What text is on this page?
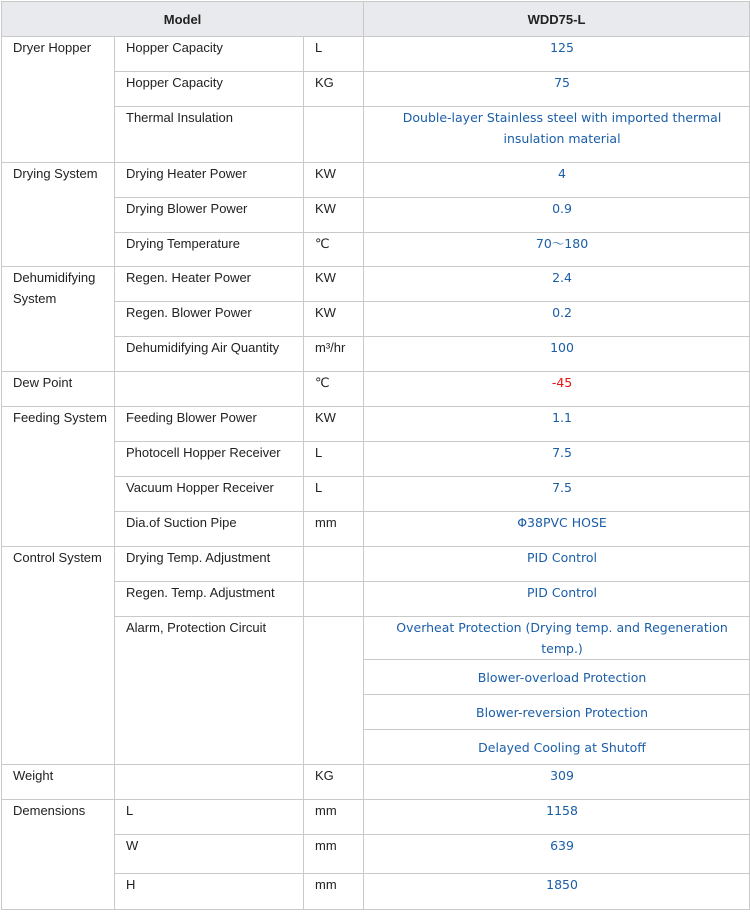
Model			WDD75-L
Dryer Hopper	Hopper Capacity	L	125
	Hopper Capacity	KG	75
	Thermal Insulation		Double-layer Stainless steel with imported thermal insulation material
Drying System	Drying Heater Power	KW	4
	Drying Blower Power	KW	0.9
	Drying Temperature	℃	70～180
Dehumidifying System	Regen. Heater Power	KW	2.4
	Regen. Blower Power	KW	0.2
	Dehumidifying Air Quantity	m³/hr	100
Dew Point		℃	-45
Feeding System	Feeding Blower Power	KW	1.1
	Photocell Hopper Receiver	L	7.5
	Vacuum Hopper Receiver	L	7.5
	Dia.of Suction Pipe	mm	Φ38PVC HOSE
Control System	Drying Temp. Adjustment		PID Control
	Regen. Temp. Adjustment		PID Control
	Alarm, Protection Circuit		Overheat Protection (Drying temp. and Regeneration temp.)
			Blower-overload Protection
			Blower-reversion Protection
			Delayed Cooling at Shutoff
Weight		KG	309
Demensions	L	mm	1158
	W	mm	639
	H	mm	1850
